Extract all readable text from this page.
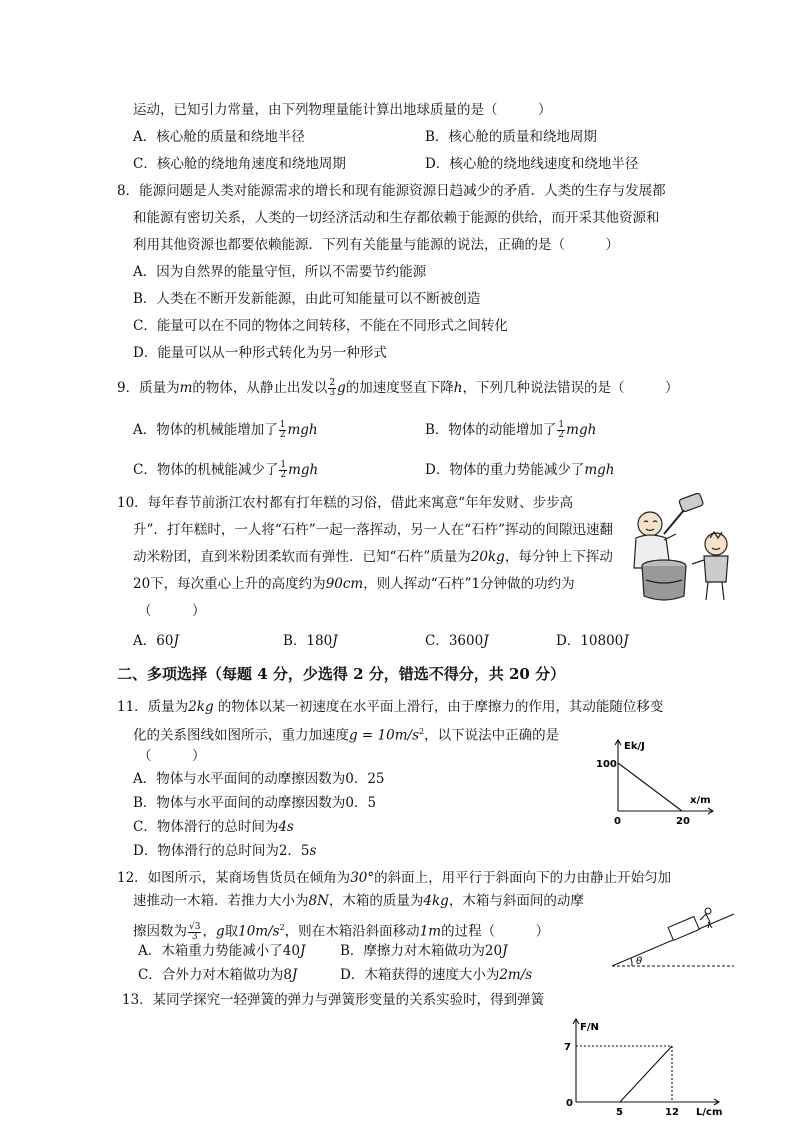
运动，已知引力常量，由下列物理量能计算出地球质量的是（　　　）
A．核心舱的质量和绕地半径	B．核心舱的质量和绕地周期
C．核心舱的绕地角速度和绕地周期	D．核心舱的绕地线速度和绕地半径
8．能源问题是人类对能源需求的增长和现有能源资源日趋减少的矛盾．人类的生存与发展都
和能源有密切关系，人类的一切经济活动和生存都依赖于能源的供给，而开采其他资源和
利用其他资源也都要依赖能源．下列有关能量与能源的说法，正确的是（　　　）
A．因为自然界的能量守恒，所以不需要节约能源
B．人类在不断开发新能源，由此可知能量可以不断被创造
C．能量可以在不同的物体之间转移，不能在不同形式之间转化
D．能量可以从一种形式转化为另一种形式
9．质量为m的物体，从静止出发以 $\frac{2}{3}$ g的加速度竖直下降h，下列几种说法错误的是（　　　）
A．物体的机械能增加了 $\frac{1}{2}$ mgh	B．物体的动能增加了 $\frac{1}{2}$ mgh
C．物体的机械能减少了 $\frac{1}{2}$ mgh	D．物体的重力势能减少了mgh
10．每年春节前浙江农村都有打年糕的习俗，借此来寓意“年年发财、步步高
升”．打年糕时，一人将“石杵”一起一落挥动，另一人在“石杵”挥动的间隙迅速翻
动米粉团，直到米粉团柔软而有弹性．已知“石杵”质量为20kg，每分钟上下挥动
20下，每次重心上升的高度约为90cm，则人挥动“石杵”1分钟做的功约为
（　　　）
A．60J	B．180J	C．3600J	D．10800J
二、多项选择（每题 4 分，少选得 2 分，错选不得分，共 20 分）
11．质量为2kg 的物体以某一初速度在水平面上滑行，由于摩擦力的作用，其动能随位移变
化的关系图线如图所示，重力加速度$g = 10m/s^2$，以下说法中正确的是
（　　　）
A．物体与水平面间的动摩擦因数为0．25
B．物体与水平面间的动摩擦因数为0．5
C．物体滑行的总时间为4s
D．物体滑行的总时间为2．5s
Ek/J
x/m
100
0	20
12．如图所示，某商场售货员在倾角为30°的斜面上，用平行于斜面向下的力由静止开始匀加
速推动一木箱．若推力大小为8N，木箱的质量为4kg，木箱与斜面间的动摩
擦因数为 $\frac{√3}{3}$ ，g取$10m/s^2$，则在木箱沿斜面移动1m的过程（　　　）
A．木箱重力势能减小了40J	B．摩擦力对木箱做功为20J
C．合外力对木箱做功为8J	D．木箱获得的速度大小为2m/s
θ
13．某同学探究一轻弹簧的弹力与弹簧形变量的关系实验时，得到弹簧
F/N
7
0
5	12 L/cm
